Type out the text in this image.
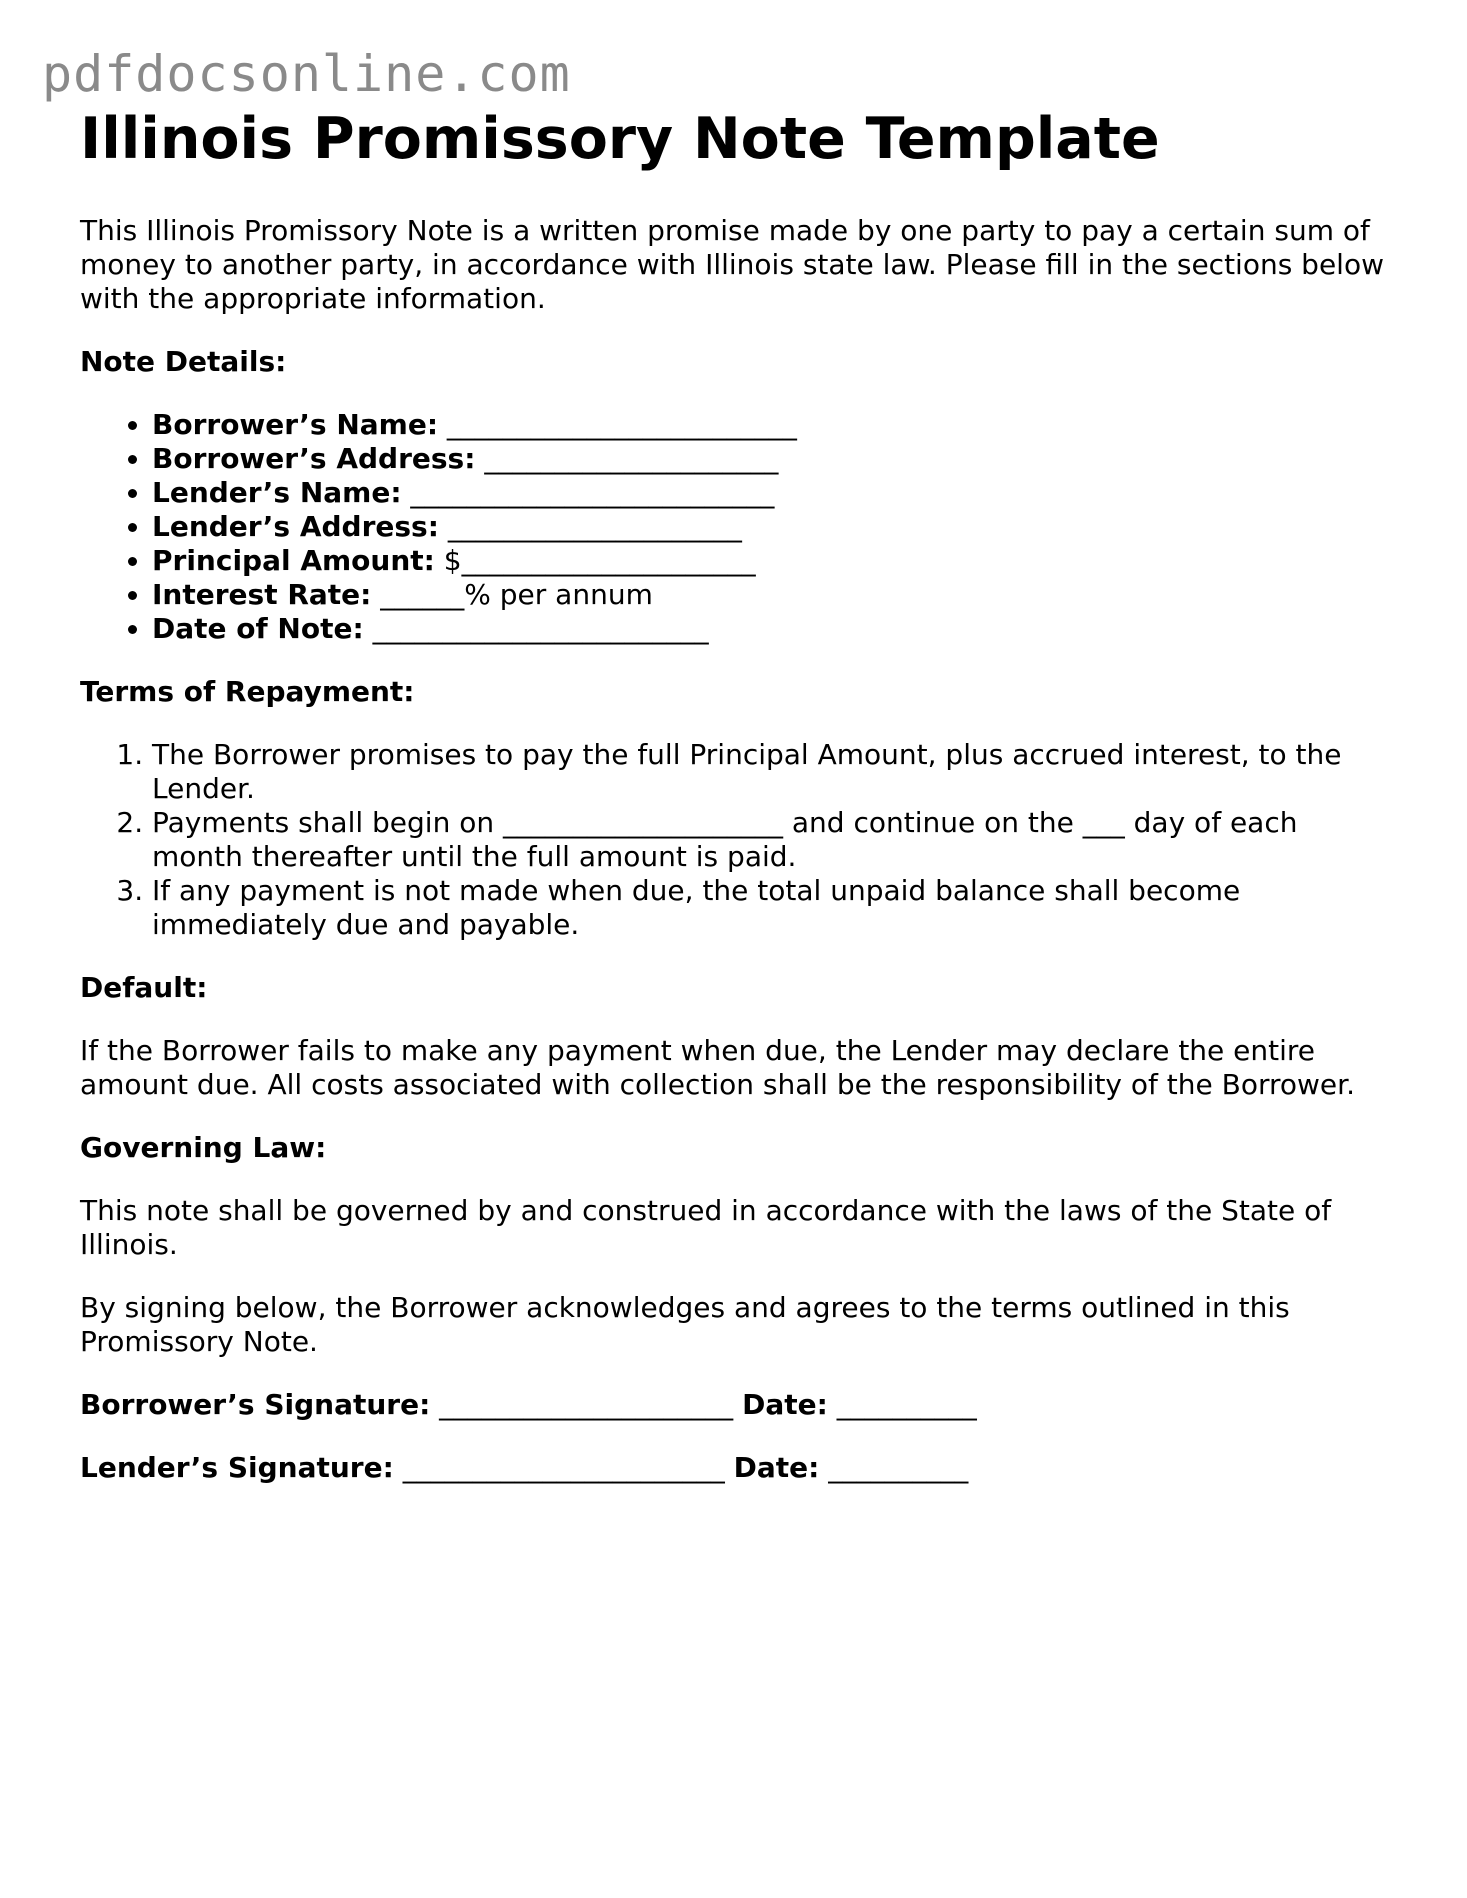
pdfdocsonline.com
Illinois Promissory Note Template

This Illinois Promissory Note is a written promise made by one party to pay a certain sum of money to another party, in accordance with Illinois state law. Please fill in the sections below with the appropriate information.

Note Details:
• Borrower’s Name: _________________________
• Borrower’s Address: _____________________
• Lender’s Name: __________________________
• Lender’s Address: _____________________
• Principal Amount: $_____________________
• Interest Rate: ______% per annum
• Date of Note: ________________________
Terms of Repayment:
1. The Borrower promises to pay the full Principal Amount, plus accrued interest, to the Lender.
2. Payments shall begin on ____________________ and continue on the ___ day of each month thereafter until the full amount is paid.
3. If any payment is not made when due, the total unpaid balance shall become immediately due and payable.
Default:

If the Borrower fails to make any payment when due, the Lender may declare the entire amount due. All costs associated with collection shall be the responsibility of the Borrower.

Governing Law:

This note shall be governed by and construed in accordance with the laws of the State of Illinois.

By signing below, the Borrower acknowledges and agrees to the terms outlined in this Promissory Note.

Borrower’s Signature: _____________________ Date: __________
Lender’s Signature: _______________________ Date: __________
